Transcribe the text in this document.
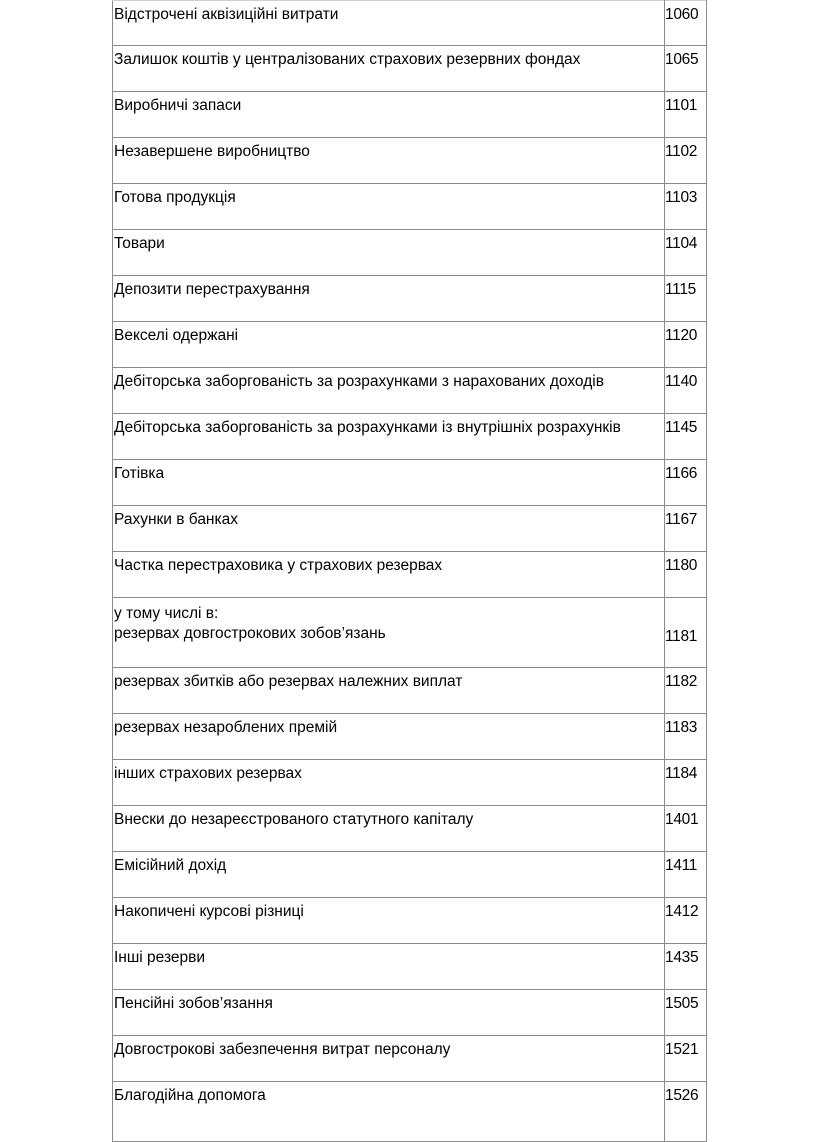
Відстрочені аквізиційні витрати	1060
Залишок коштів у централізованих страхових резервних фондах	1065
Виробничі запаси	1101
Незавершене виробництво	1102
Готова продукція	1103
Товари	1104
Депозити перестрахування	1115
Векселі одержані	1120
Дебіторська заборгованість за розрахунками з нарахованих доходів	1140
Дебіторська заборгованість за розрахунками із внутрішніх розрахунків	1145
Готівка	1166
Рахунки в банках	1167
Частка перестраховика у страхових резервах	1180

у тому числі в:
резервах довгострокових зобов’язань	1181
резервах збитків або резервах належних виплат	1182
резервах незароблених премій	1183
інших страхових резервах	1184
Внески до незареєстрованого статутного капіталу	1401
Емісійний дохід	1411
Накопичені курсові різниці	1412
Інші резерви	1435
Пенсійні зобов’язання	1505
Довгострокові забезпечення витрат персоналу	1521
Благодійна допомога	1526
